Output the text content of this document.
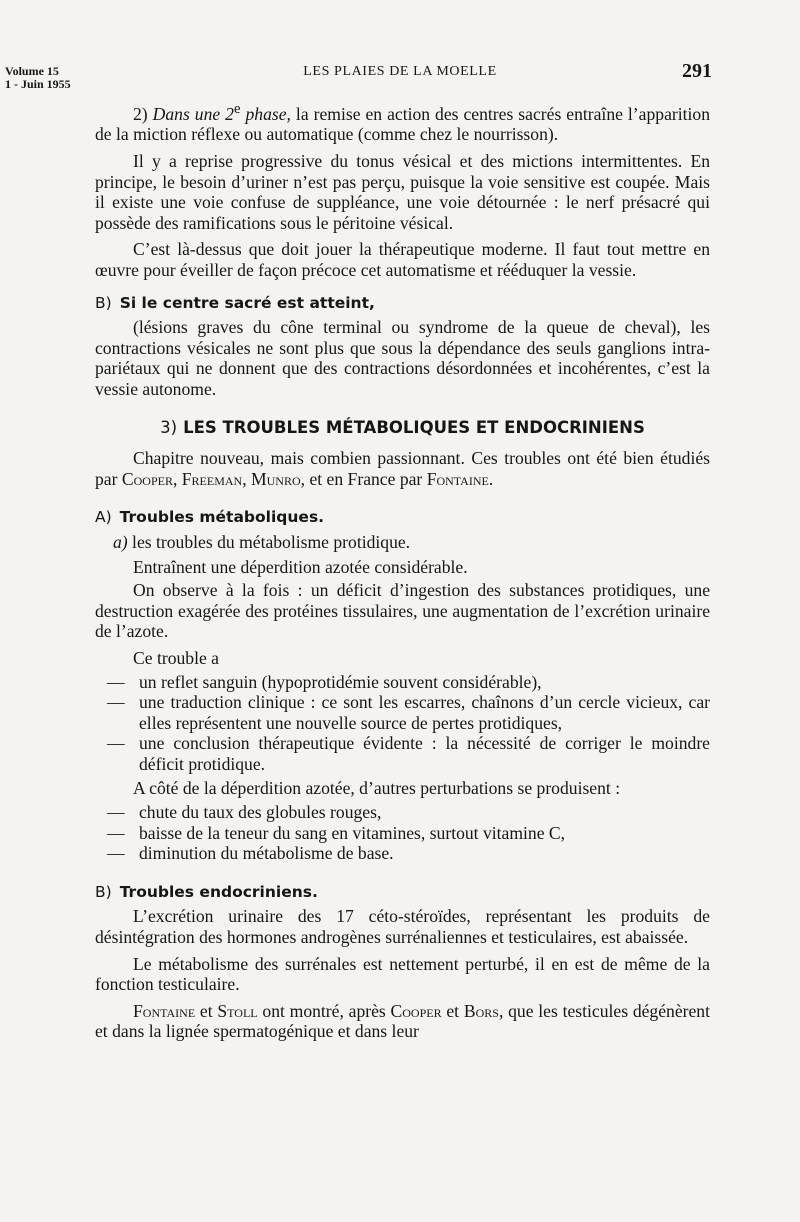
Volume 15
1 - Juin 1955
LES PLAIES DE LA MOELLE	291

2) Dans une 2e phase, la remise en action des centres sacrés entraîne l’apparition de la miction réflexe ou automatique (comme chez le nourrisson).

Il y a reprise progressive du tonus vésical et des mictions intermittentes. En principe, le besoin d’uriner n’est pas perçu, puisque la voie sensitive est coupée. Mais il existe une voie confuse de suppléance, une voie détournée : le nerf présacré qui possède des ramifications sous le péritoine vésical.

C’est là-dessus que doit jouer la thérapeutique moderne. Il faut tout mettre en œuvre pour éveiller de façon précoce cet automatisme et rééduquer la vessie.

B) Si le centre sacré est atteint,

(lésions graves du cône terminal ou syndrome de la queue de cheval), les contractions vésicales ne sont plus que sous la dépendance des seuls ganglions intra-pariétaux qui ne donnent que des contractions désordonnées et incohérentes, c’est la vessie autonome.

3) LES TROUBLES MÉTABOLIQUES ET ENDOCRINIENS

Chapitre nouveau, mais combien passionnant. Ces troubles ont été bien étudiés par Cooper, Freeman, Munro, et en France par Fontaine.

A) Troubles métaboliques.

a) les troubles du métabolisme protidique.

Entraînent une déperdition azotée considérable.

On observe à la fois : un déficit d’ingestion des substances protidiques, une destruction exagérée des protéines tissulaires, une augmentation de l’excrétion urinaire de l’azote.

Ce trouble a

— un reflet sanguin (hypoprotidémie souvent considérable),
— une traduction clinique : ce sont les escarres, chaînons d’un cercle vicieux, car elles représentent une nouvelle source de pertes protidiques,
— une conclusion thérapeutique évidente : la nécessité de corriger le moindre déficit protidique.

A côté de la déperdition azotée, d’autres perturbations se produisent :

— chute du taux des globules rouges,
— baisse de la teneur du sang en vitamines, surtout vitamine C,
— diminution du métabolisme de base.
B) Troubles endocriniens.

L’excrétion urinaire des 17 céto-stéroïdes, représentant les produits de désintégration des hormones androgènes surrénaliennes et testiculaires, est abaissée.

Le métabolisme des surrénales est nettement perturbé, il en est de même de la fonction testiculaire.

Fontaine et Stoll ont montré, après Cooper et Bors, que les testicules dégénèrent et dans la lignée spermatogénique et dans leur
